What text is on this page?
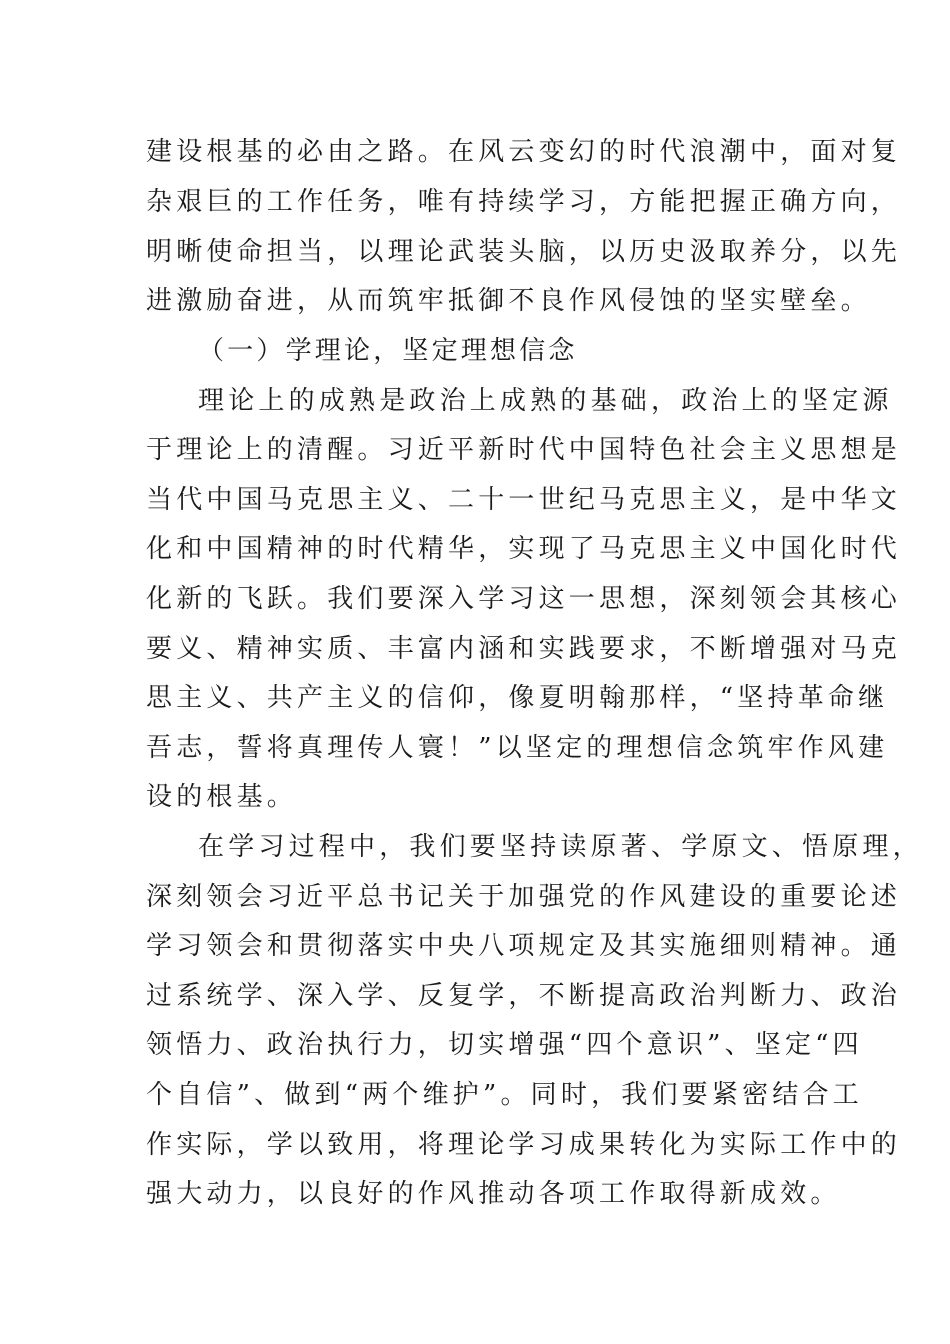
建设根基的必由之路。在风云变幻的时代浪潮中，面对复
杂艰巨的工作任务，唯有持续学习，方能把握正确方向，
明晰使命担当，以理论武装头脑，以历史汲取养分，以先
进激励奋进，从而筑牢抵御不良作风侵蚀的坚实壁垒。
（一）学理论，坚定理想信念
理论上的成熟是政治上成熟的基础，政治上的坚定源
于理论上的清醒。习近平新时代中国特色社会主义思想是
当代中国马克思主义、二十一世纪马克思主义，是中华文
化和中国精神的时代精华，实现了马克思主义中国化时代
化新的飞跃。我们要深入学习这一思想，深刻领会其核心
要义、精神实质、丰富内涵和实践要求，不断增强对马克
思主义、共产主义的信仰，像夏明翰那样，“坚持革命继
吾志，誓将真理传人寰！”以坚定的理想信念筑牢作风建
设的根基。
在学习过程中，我们要坚持读原著、学原文、悟原理，
深刻领会习近平总书记关于加强党的作风建设的重要论述
学习领会和贯彻落实中央八项规定及其实施细则精神。通
过系统学、深入学、反复学，不断提高政治判断力、政治
领悟力、政治执行力，切实增强“四个意识”、坚定“四
个自信”、做到“两个维护”。同时，我们要紧密结合工
作实际，学以致用，将理论学习成果转化为实际工作中的
强大动力，以良好的作风推动各项工作取得新成效。
